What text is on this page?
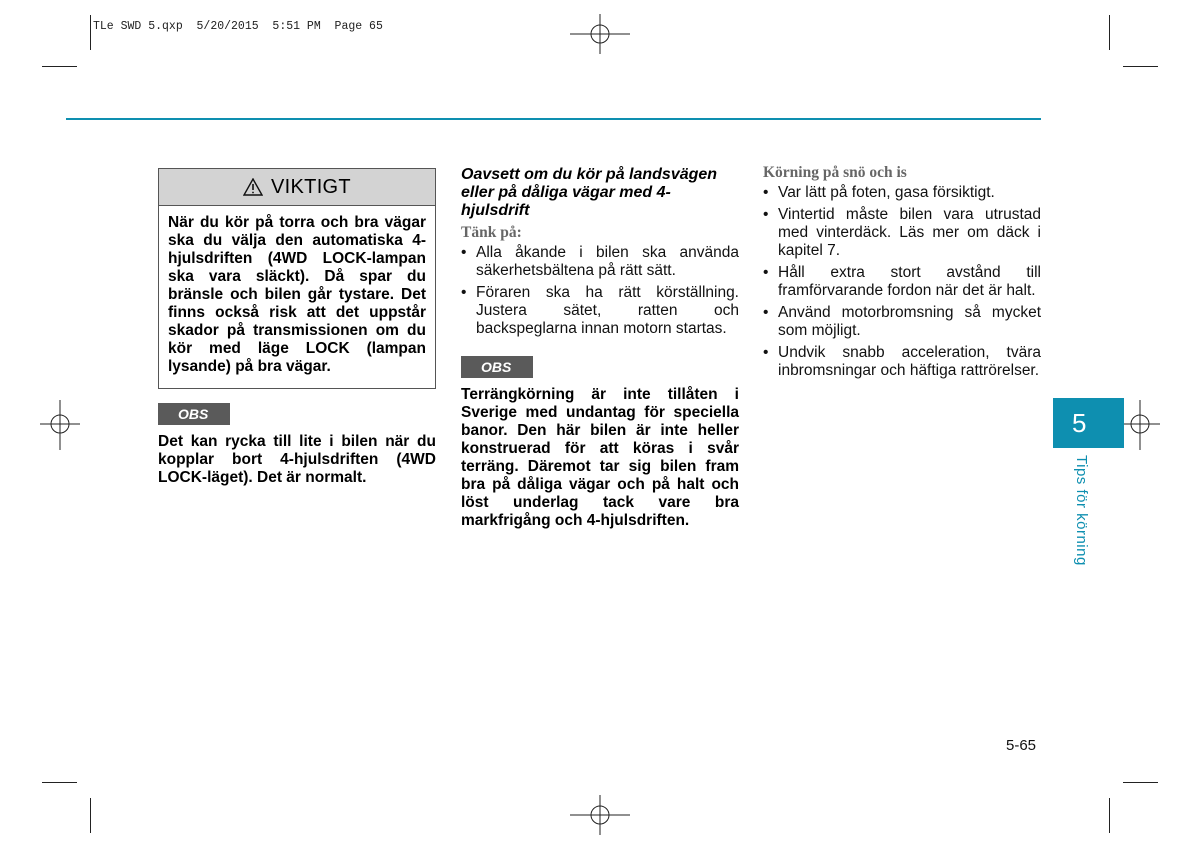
TLe SWD 5.qxp  5/20/2015  5:51 PM  Page 65
VIKTIGT
När du kör på torra och bra vägar ska du välja den automatiska 4-hjulsdriften (4WD LOCK-lampan ska vara släckt). Då spar du bränsle och bilen går tystare. Det finns också risk att det uppstår skador på transmissionen om du kör med läge LOCK (lampan lysande) på bra vägar.
OBS
Det kan rycka till lite i bilen när du kopplar bort 4-hjulsdriften (4WD LOCK-läget). Det är normalt.
Oavsett om du kör på landsvägen eller på dåliga vägar med 4-hjulsdrift
Tänk på:
• Alla åkande i bilen ska använda säkerhetsbältena på rätt sätt.
• Föraren ska ha rätt körställning. Justera sätet, ratten och backspeglarna innan motorn startas.
OBS
Terrängkörning är inte tillåten i Sverige med undantag för speciella banor. Den här bilen är inte heller konstruerad för att köras i svår terräng. Däremot tar sig bilen fram bra på dåliga vägar och på halt och löst underlag tack vare bra markfrigång och 4-hjulsdriften.
Körning på snö och is
• Var lätt på foten, gasa försiktigt.
• Vintertid måste bilen vara utrustad med vinterdäck. Läs mer om däck i kapitel 7.
• Håll extra stort avstånd till framförvarande fordon när det är halt.
• Använd motorbromsning så mycket som möjligt.
• Undvik snabb acceleration, tvära inbromsningar och häftiga rattrörelser.
5
Tips för körning
5-65
